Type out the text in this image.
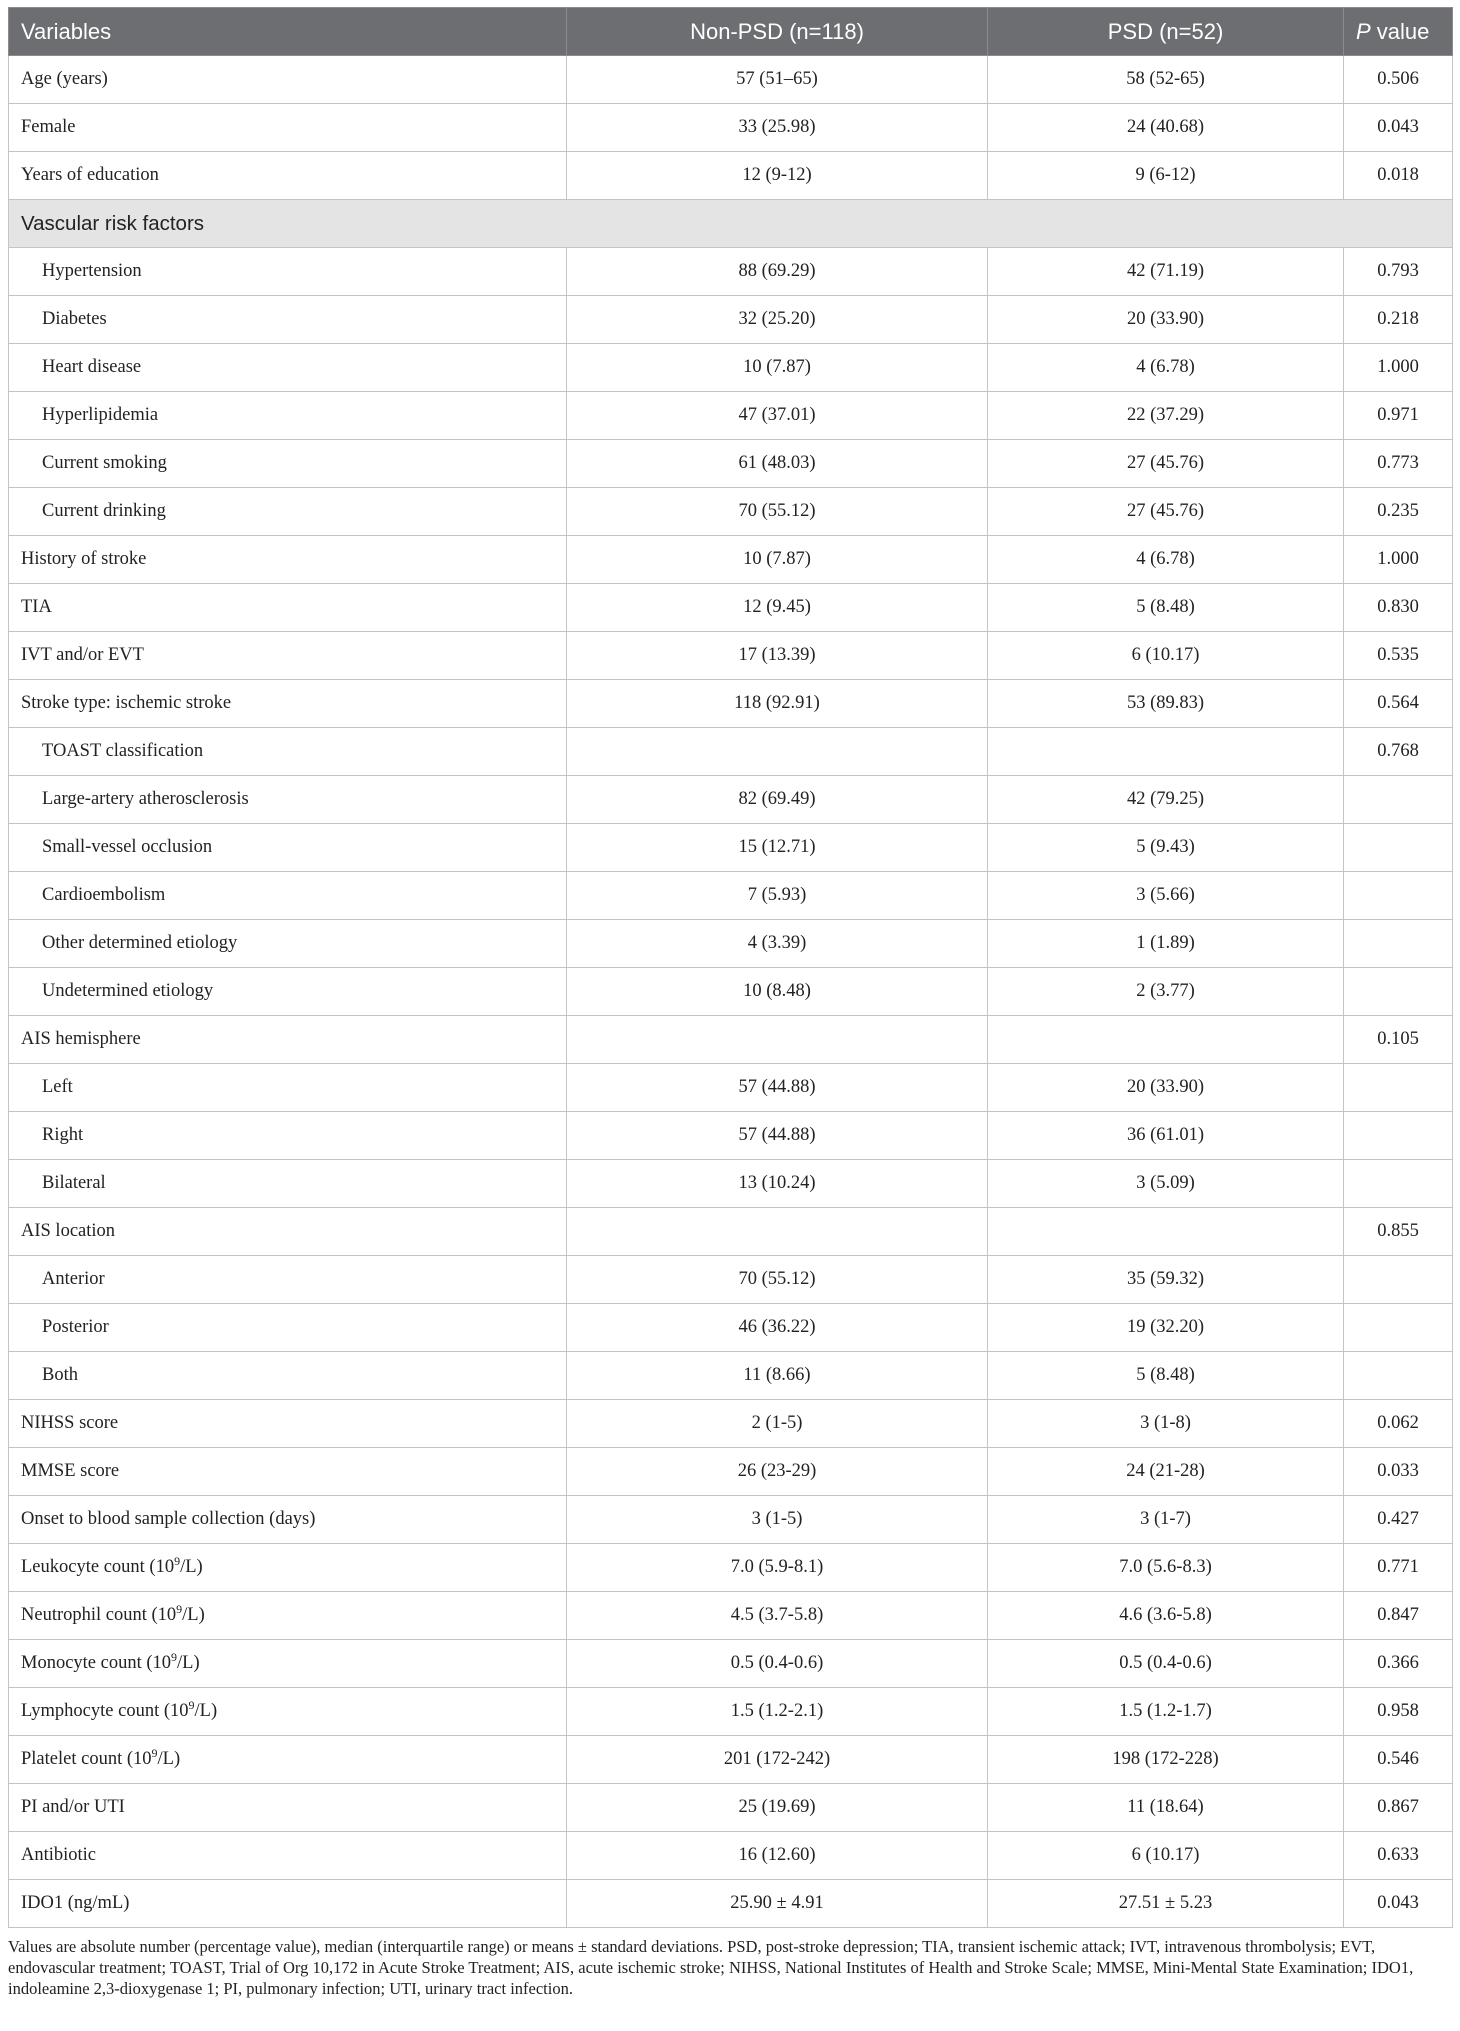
Variables	Non-PSD (n=118)	PSD (n=52)	P value
Age (years)	57 (51–65)	58 (52-65)	0.506
Female	33 (25.98)	24 (40.68)	0.043
Years of education	12 (9-12)	9 (6-12)	0.018
Vascular risk factors			
Hypertension	88 (69.29)	42 (71.19)	0.793
Diabetes	32 (25.20)	20 (33.90)	0.218
Heart disease	10 (7.87)	4 (6.78)	1.000
Hyperlipidemia	47 (37.01)	22 (37.29)	0.971
Current smoking	61 (48.03)	27 (45.76)	0.773
Current drinking	70 (55.12)	27 (45.76)	0.235
History of stroke	10 (7.87)	4 (6.78)	1.000
TIA	12 (9.45)	5 (8.48)	0.830
IVT and/or EVT	17 (13.39)	6 (10.17)	0.535
Stroke type: ischemic stroke	118 (92.91)	53 (89.83)	0.564
TOAST classification			0.768
Large-artery atherosclerosis	82 (69.49)	42 (79.25)	
Small-vessel occlusion	15 (12.71)	5 (9.43)	
Cardioembolism	7 (5.93)	3 (5.66)	
Other determined etiology	4 (3.39)	1 (1.89)	
Undetermined etiology	10 (8.48)	2 (3.77)	
AIS hemisphere			0.105
Left	57 (44.88)	20 (33.90)	
Right	57 (44.88)	36 (61.01)	
Bilateral	13 (10.24)	3 (5.09)	
AIS location			0.855
Anterior	70 (55.12)	35 (59.32)	
Posterior	46 (36.22)	19 (32.20)	
Both	11 (8.66)	5 (8.48)	
NIHSS score	2 (1-5)	3 (1-8)	0.062
MMSE score	26 (23-29)	24 (21-28)	0.033
Onset to blood sample collection (days)	3 (1-5)	3 (1-7)	0.427
Leukocyte count $(10^9/L)$	7.0 (5.9-8.1)	7.0 (5.6-8.3)	0.771
Neutrophil count $(10^9/L)$	4.5 (3.7-5.8)	4.6 (3.6-5.8)	0.847
Monocyte count $(10^9/L)$	0.5 (0.4-0.6)	0.5 (0.4-0.6)	0.366
Lymphocyte count $(10^9/L)$	1.5 (1.2-2.1)	1.5 (1.2-1.7)	0.958
Platelet count $(10^9/L)$	201 (172-242)	198 (172-228)	0.546
PI and/or UTI	25 (19.69)	11 (18.64)	0.867
Antibiotic	16 (12.60)	6 (10.17)	0.633
IDO1 (ng/mL)	25.90 ± 4.91	27.51 ± 5.23	0.043
Values are absolute number (percentage value), median (interquartile range) or means ± standard deviations. PSD, post-stroke depression; TIA, transient ischemic attack; IVT, intravenous thrombolysis; EVT, endovascular treatment; TOAST, Trial of Org 10,172 in Acute Stroke Treatment; AIS, acute ischemic stroke; NIHSS, National Institutes of Health and Stroke Scale; MMSE, Mini-Mental State Examination; IDO1, indoleamine 2,3-dioxygenase 1; PI, pulmonary infection; UTI, urinary tract infection.
